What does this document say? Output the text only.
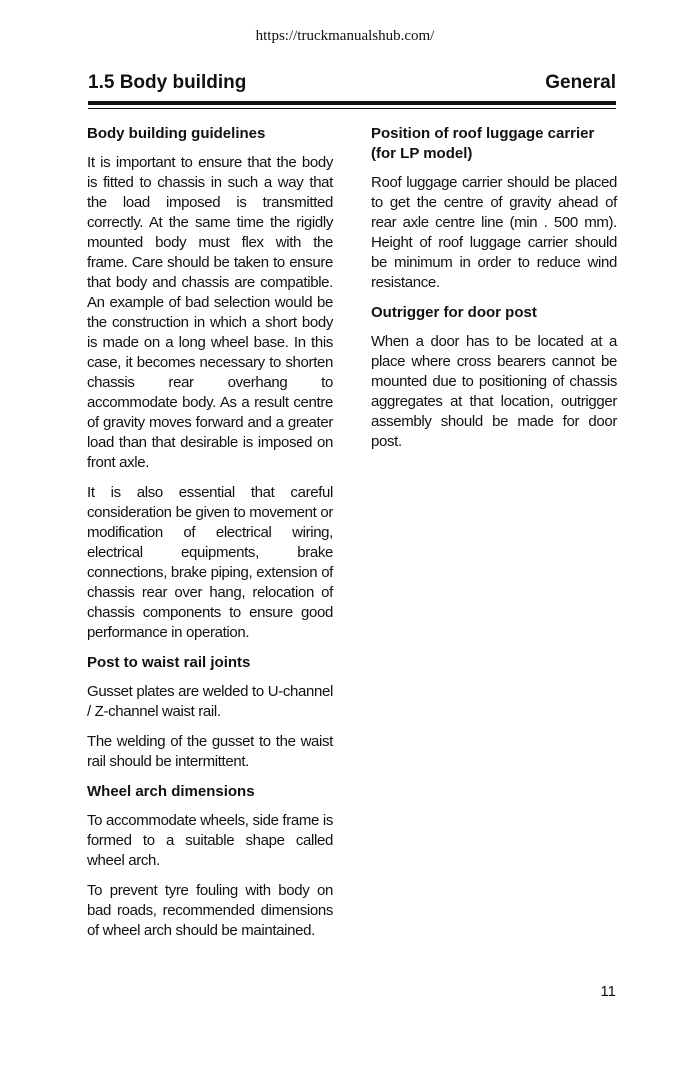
https://truckmanualshub.com/
1.5 Body building	General
Body building guidelines

It is important to ensure that the body is fitted to chassis in such a way that the load imposed is transmitted correctly. At the same time the rigidly mounted body must flex with the frame. Care should be taken to ensure that body and chassis are compatible. An example of bad selection would be the construction in which a short body is made on a long wheel base. In this case, it becomes necessary to shorten chassis rear overhang to accommodate body. As a result centre of gravity moves forward and a greater load than that desirable is imposed on front axle.

It is also essential that careful consideration be given to movement or modification of electrical wiring, electrical equipments, brake connections, brake piping, extension of chassis rear over hang, relocation of chassis components to ensure good performance in operation.

Post to waist rail joints

Gusset plates are welded to U-channel / Z-channel waist rail.

The welding of the gusset to the waist rail should be intermittent.

Wheel arch dimensions

To accommodate wheels, side frame is formed to a suitable shape called wheel arch.

To prevent tyre fouling with body on bad roads, recommended dimensions of wheel arch should be maintained.

Position of roof luggage carrier (for LP model)

Roof luggage carrier should be placed to get the centre of gravity ahead of rear axle centre line (min . 500 mm). Height of roof luggage carrier should be minimum in order to reduce wind resistance.

Outrigger for door post

When a door has to be located at a place where cross bearers cannot be mounted due to positioning of chassis aggregates at that location, outrigger assembly should be made for door post.

11
